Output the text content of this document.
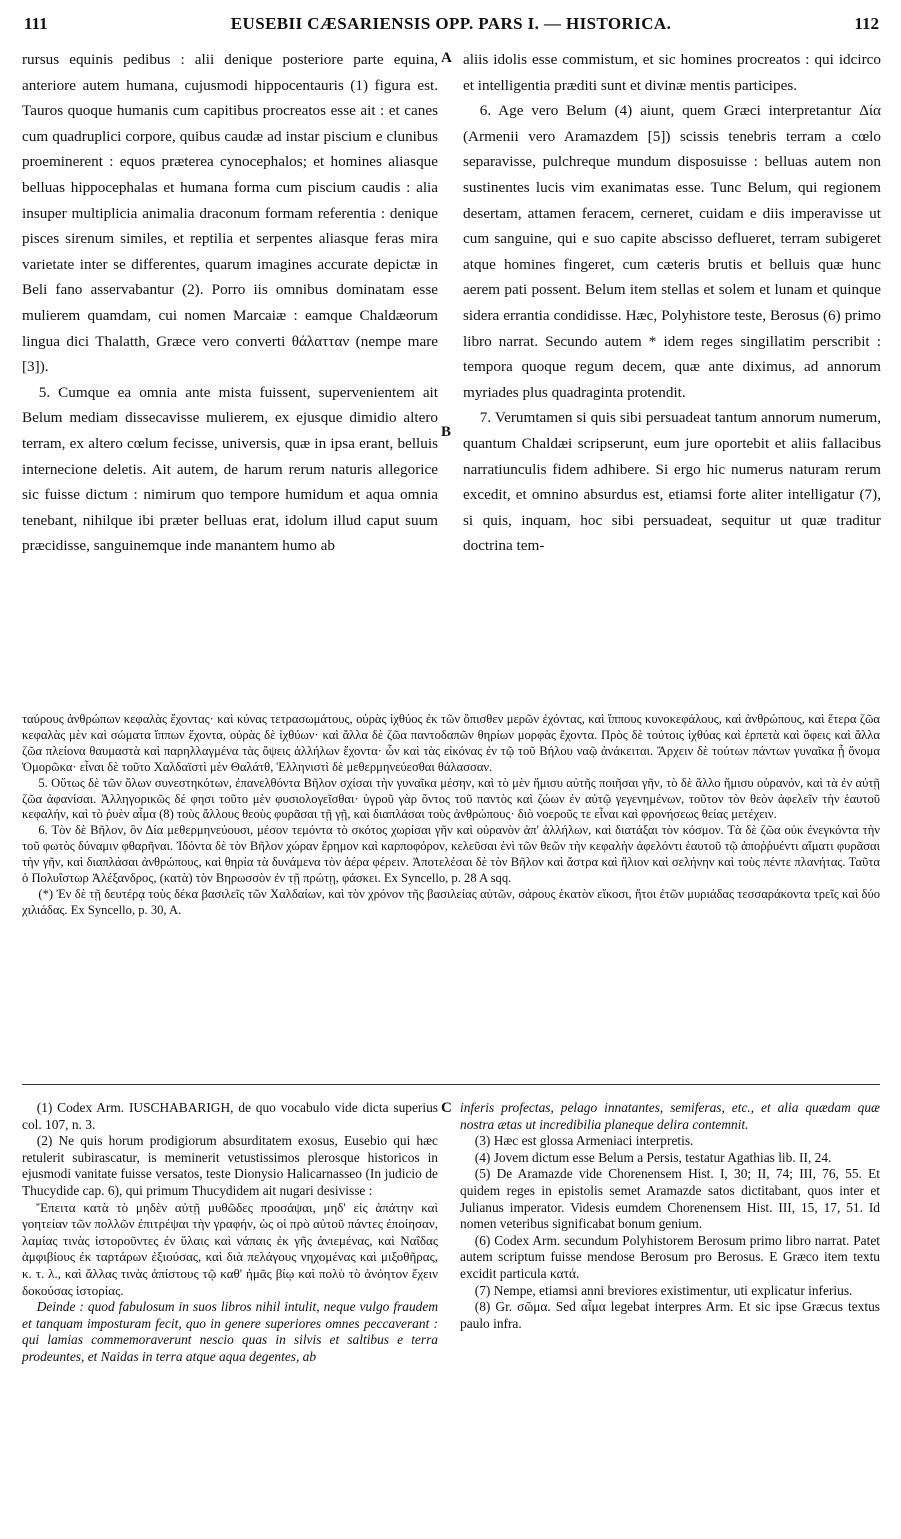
111	EUSEBII CÆSARIENSIS OPP. PARS I. — HISTORICA.	112

rursus equinis pedibus : alii denique posteriore parte equina, anteriore autem humana, cujusmodi hippocentauris (1) figura est. Tauros quoque humanis cum capitibus procreatos esse ait : et canes cum quadruplici corpore, quibus caudæ ad instar piscium e clunibus proeminerent : equos præterea cynocephalos; et homines aliasque belluas hippocephalas et humana forma cum piscium caudis : alia insuper multiplicia animalia draconum formam referentia : denique pisces sirenum similes, et reptilia et serpentes aliasque feras mira varietate inter se differentes, quarum imagines accurate depictæ in Beli fano asservabantur (2). Porro iis omnibus dominatam esse mulierem quamdam, cui nomen Marcaiæ : eamque Chaldæorum lingua dici Thalatth, Græce vero converti θάλατταν (nempe mare [3]).

5. Cumque ea omnia ante mista fuissent, supervenientem ait Belum mediam dissecavisse mulierem, ex ejusque dimidio altero terram, ex altero cœlum fecisse, universis, quæ in ipsa erant, belluis internecione deletis. Ait autem, de harum rerum naturis allegorice sic fuisse dictum : nimirum quo tempore humidum et aqua omnia tenebant, nihilque ibi præter belluas erat, idolum illud caput suum præcidisse, sanguinemque inde manantem humo ab

A
B
C

aliis idolis esse commistum, et sic homines procreatos : qui idcirco et intelligentia præditi sunt et divinæ mentis participes.

6. Age vero Belum (4) aiunt, quem Græci interpretantur Δία (Armenii vero Aramazdem [5]) scissis tenebris terram a cœlo separavisse, pulchreque mundum disposuisse : belluas autem non sustinentes lucis vim exanimatas esse. Tunc Belum, qui regionem desertam, attamen feracem, cerneret, cuidam e diis imperavisse ut cum sanguine, qui e suo capite abscisso deflueret, terram subigeret atque homines fingeret, cum cæteris brutis et belluis quæ hunc aerem pati possent. Belum item stellas et solem et lunam et quinque sidera errantia condidisse. Hæc, Polyhistore teste, Berosus (6) primo libro narrat. Secundo autem * idem reges singillatim perscribit : tempora quoque regum decem, quæ ante diximus, ad annorum myriades plus quadraginta protendit.

7. Verumtamen si quis sibi persuadeat tantum annorum numerum, quantum Chaldæi scripserunt, eum jure oportebit et aliis fallacibus narratiunculis fidem adhibere. Si ergo hic numerus naturam rerum excedit, et omnino absurdus est, etiamsi forte aliter intelligatur (7), si quis, inquam, hoc sibi persuadeat, sequitur ut quæ traditur doctrina tem-

ταύρους ἀνθρώπων κεφαλὰς ἔχοντας· καὶ κύνας τετρασωμάτους, οὐρὰς ἰχθύος ἐκ τῶν ὄπισθεν μερῶν ἐχόντας, καὶ ἵππους κυνοκεφάλους, καὶ ἀνθρώπους, καὶ ἕτερα ζῶα κεφαλὰς μὲν καὶ σώματα ἵππων ἔχοντα, οὐρὰς δὲ ἰχθύων· καὶ ἄλλα δὲ ζῶα παντοδαπῶν θηρίων μορφὰς ἔχοντα. Πρὸς δὲ τούτοις ἰχθύας καὶ ἑρπετὰ καὶ ὄφεις καὶ ἄλλα ζῶα πλείονα θαυμαστὰ καὶ παρηλλαγμένα τὰς ὄψεις ἀλλήλων ἔχοντα· ὧν καὶ τὰς εἰκόνας ἐν τῷ τοῦ Βήλου ναῷ ἀνάκειται. Ἄρχειν δὲ τούτων πάντων γυναῖκα ᾗ ὄνομα Ὁμορῶκα· εἶναι δὲ τοῦτο Χαλδαϊστὶ μὲν Θαλάτθ, Ἑλληνιστὶ δὲ μεθερμηνεύεσθαι θάλασσαν.

5. Οὕτως δὲ τῶν ὅλων συνεστηκότων, ἐπανελθόντα Βῆλον σχίσαι τὴν γυναῖκα μέσην, καὶ τὸ μὲν ἥμισυ αὐτῆς ποιῆσαι γῆν, τὸ δὲ ἄλλο ἥμισυ οὐρανόν, καὶ τὰ ἐν αὐτῇ ζῶα ἀφανίσαι. Ἀλληγορικῶς δέ φησι τοῦτο μὲν φυσιολογεῖσθαι· ὑγροῦ γὰρ ὄντος τοῦ παντὸς καὶ ζώων ἐν αὐτῷ γεγενημένων, τοῦτον τὸν θεὸν ἀφελεῖν τὴν ἑαυτοῦ κεφαλήν, καὶ τὸ ῥυὲν αἷμα (8) τοὺς ἄλλους θεοὺς φυρᾶσαι τῇ γῇ, καὶ διαπλάσαι τοὺς ἀνθρώπους· διὸ νοεροῦς τε εἶναι καὶ φρονήσεως θείας μετέχειν.

6. Τὸν δὲ Βῆλον, ὃν Δία μεθερμηνεύουσι, μέσον τεμόντα τὸ σκότος χωρίσαι γῆν καὶ οὐρανὸν ἀπ' ἀλλήλων, καὶ διατάξαι τὸν κόσμον. Τὰ δὲ ζῶα οὐκ ἐνεγκόντα τὴν τοῦ φωτὸς δύναμιν φθαρῆναι. Ἰδόντα δὲ τὸν Βῆλον χώραν ἔρημον καὶ καρποφόρον, κελεῦσαι ἑνὶ τῶν θεῶν τὴν κεφαλὴν ἀφελόντι ἑαυτοῦ τῷ ἀποῤῥυέντι αἵματι φυρᾶσαι τὴν γῆν, καὶ διαπλάσαι ἀνθρώπους, καὶ θηρία τὰ δυνάμενα τὸν ἀέρα φέρειν. Ἀποτελέσαι δὲ τὸν Βῆλον καὶ ἄστρα καὶ ἥλιον καὶ σελήνην καὶ τοὺς πέντε πλανήτας. Ταῦτα ὁ Πολυΐστωρ Ἀλέξανδρος, (κατὰ) τὸν Βηρωσσὸν ἐν τῇ πρώτῃ, φάσκει. Ex Syncello, p. 28 A sqq.

(*) Ἐν δὲ τῇ δευτέρᾳ τοὺς δέκα βασιλεῖς τῶν Χαλδαίων, καὶ τὸν χρόνον τῆς βασιλείας αὐτῶν, σάρους ἑκατὸν εἴκοσι, ἤτοι ἐτῶν μυριάδας τεσσαράκοντα τρεῖς καὶ δύο χιλιάδας. Ex Syncello, p. 30, A.

(1) Codex Arm. IUSCHABARIGH, de quo vocabulo vide dicta superius col. 107, n. 3.

(2) Ne quis horum prodigiorum absurditatem exosus, Eusebio qui hæc retulerit subirascatur, is meminerit vetustissimos plerosque historicos in ejusmodi vanitate fuisse versatos, teste Dionysio Halicarnasseo (In judicio de Thucydide cap. 6), qui primum Thucydidem ait nugari desivisse :

Ἔπειτα κατὰ τὸ μηδὲν αὐτῇ μυθῶδες προσάψαι, μηδ' εἰς ἀπάτην καὶ γοητείαν τῶν πολλῶν ἐπιτρέψαι τὴν γραφήν, ὡς οἱ πρὸ αὐτοῦ πάντες ἐποίησαν, λαμίας τινὰς ἱστοροῦντες ἐν ὕλαις καὶ νάπαις ἐκ γῆς ἀνιεμένας, καὶ Ναΐδας ἀμφιβίους ἐκ ταρτάρων ἐξιούσας, καὶ διὰ πελάγους νηχομένας καὶ μιξοθῆρας, κ. τ. λ., καὶ ἄλλας τινὰς ἀπίστους τῷ καθ' ἡμᾶς βίῳ καὶ πολὺ τὸ ἀνόητον ἔχειν δοκούσας ἱστορίας.

Deinde : quod fabulosum in suos libros nihil intulit, neque vulgo fraudem et tanquam imposturam fecit, quo in genere superiores omnes peccaverant : qui lamias commemoraverunt nescio quas in silvis et saltibus e terra prodeuntes, et Naidas in terra atque aqua degentes, ab

inferis profectas, pelago innatantes, semiferas, etc., et alia quædam quæ nostra ætas ut incredibilia planeque delira contemnit.

(3) Hæc est glossa Armeniaci interpretis.

(4) Jovem dictum esse Belum a Persis, testatur Agathias lib. II, 24.

(5) De Aramazde vide Chorenensem Hist. I, 30; II, 74; III, 76, 55. Et quidem reges in epistolis semet Aramazde satos dictitabant, quos inter et Julianus imperator. Videsis eumdem Chorenensem Hist. III, 15, 17, 51. Id nomen veteribus significabat bonum genium.

(6) Codex Arm. secundum Polyhistorem Berosum primo libro narrat. Patet autem scriptum fuisse mendose Berosum pro Berosus. E Græco item textu excidit particula κατά.

(7) Nempe, etiamsi anni breviores existimentur, uti explicatur inferius.

(8) Gr. σῶμα. Sed αἷμα legebat interpres Arm. Et sic ipse Græcus textus paulo infra.
